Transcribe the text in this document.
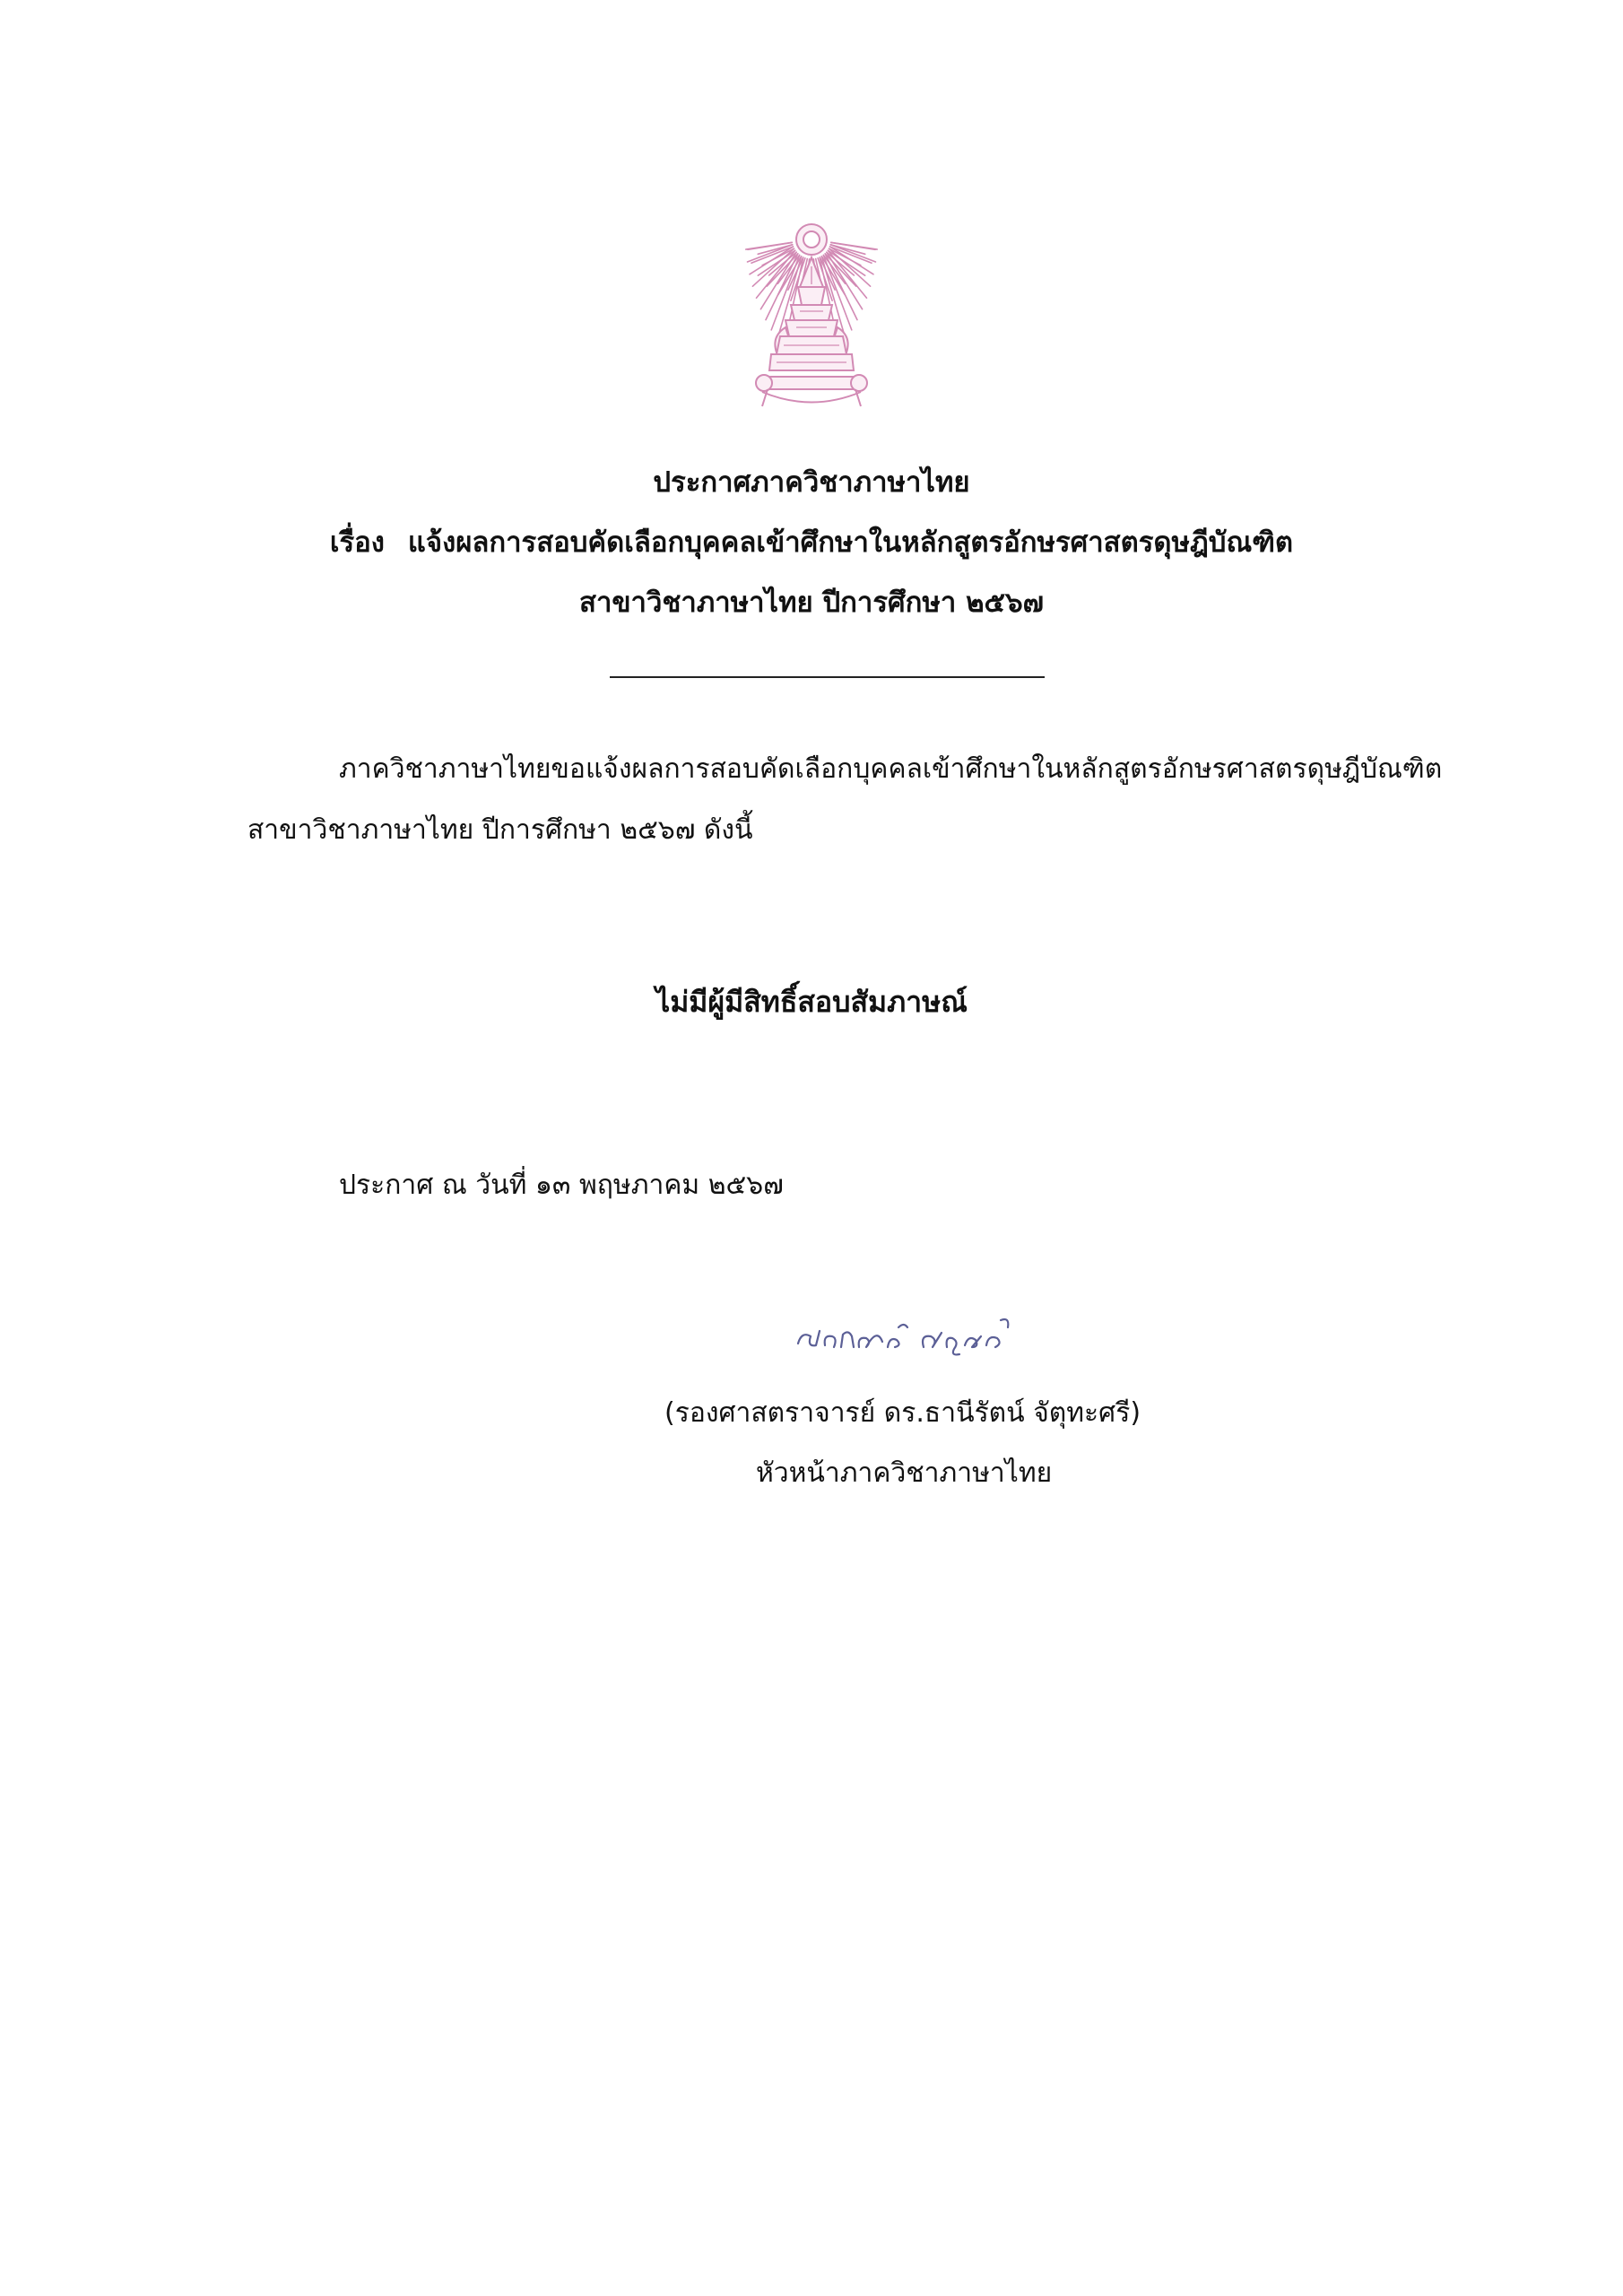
ประกาศภาควิชาภาษาไทย
เรื่อง แจ้งผลการสอบคัดเลือกบุคคลเข้าศึกษาในหลักสูตรอักษรศาสตรดุษฎีบัณฑิต
สาขาวิชาภาษาไทย ปีการศึกษา ๒๕๖๗
ภาควิชาภาษาไทยขอแจ้งผลการสอบคัดเลือกบุคคลเข้าศึกษาในหลักสูตรอักษรศาสตรดุษฎีบัณฑิต
สาขาวิชาภาษาไทย ปีการศึกษา ๒๕๖๗ ดังนี้
ไม่มีผู้มีสิทธิ์สอบสัมภาษณ์
ประกาศ ณ วันที่ ๑๓ พฤษภาคม ๒๕๖๗
(รองศาสตราจารย์ ดร.ธานีรัตน์ จัตุทะศรี)
หัวหน้าภาควิชาภาษาไทย
